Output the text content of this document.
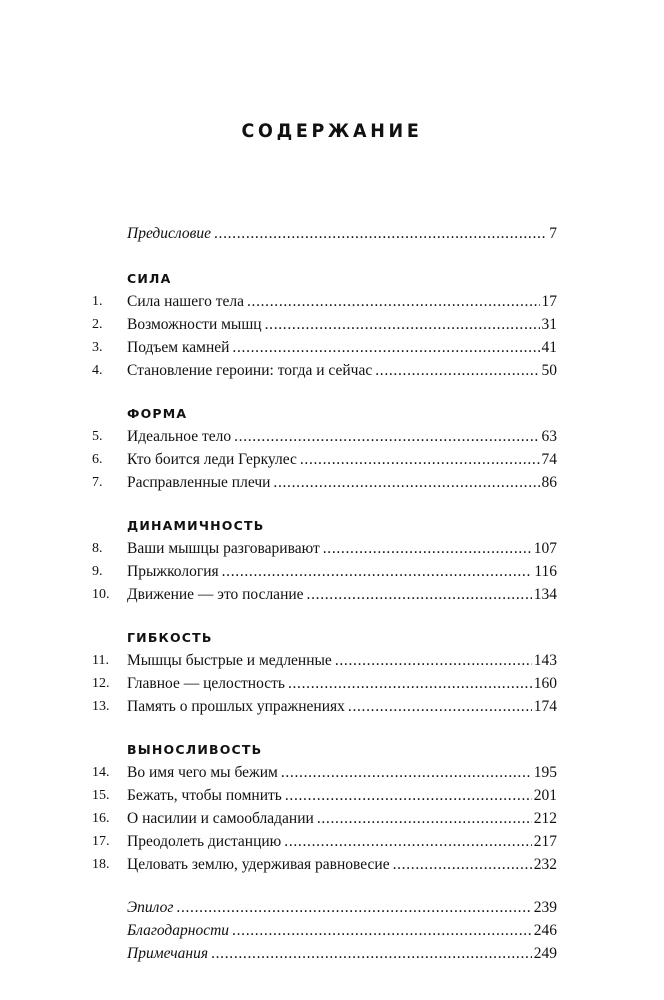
СОДЕРЖАНИЕ
Предисловие . . .	7
СИЛА
1.	Сила нашего тела . . .	17
2.	Возможности мышц . . .	31
3.	Подъем камней . . .	41
4.	Становление героини: тогда и сейчас . . .	50
ФОРМА
5.	Идеальное тело . . .	63
6.	Кто боится леди Геркулес . . .	74
7.	Расправленные плечи . . .	86
ДИНАМИЧНОСТЬ
8.	Ваши мышцы разговаривают . . .	107
9.	Прыжкология . . .	116
10.	Движение — это послание . . .	134
ГИБКОСТЬ
11.	Мышцы быстрые и медленные . . .	143
12.	Главное — целостность . . .	160
13.	Память о прошлых упражнениях . . .	174
ВЫНОСЛИВОСТЬ
14.	Во имя чего мы бежим . . .	195
15.	Бежать, чтобы помнить . . .	201
16.	О насилии и самообладании . . .	212
17.	Преодолеть дистанцию . . .	217
18.	Целовать землю, удерживая равновесие . . .	232
Эпилог . . .	239
Благодарности . . .	246
Примечания . . .	249
